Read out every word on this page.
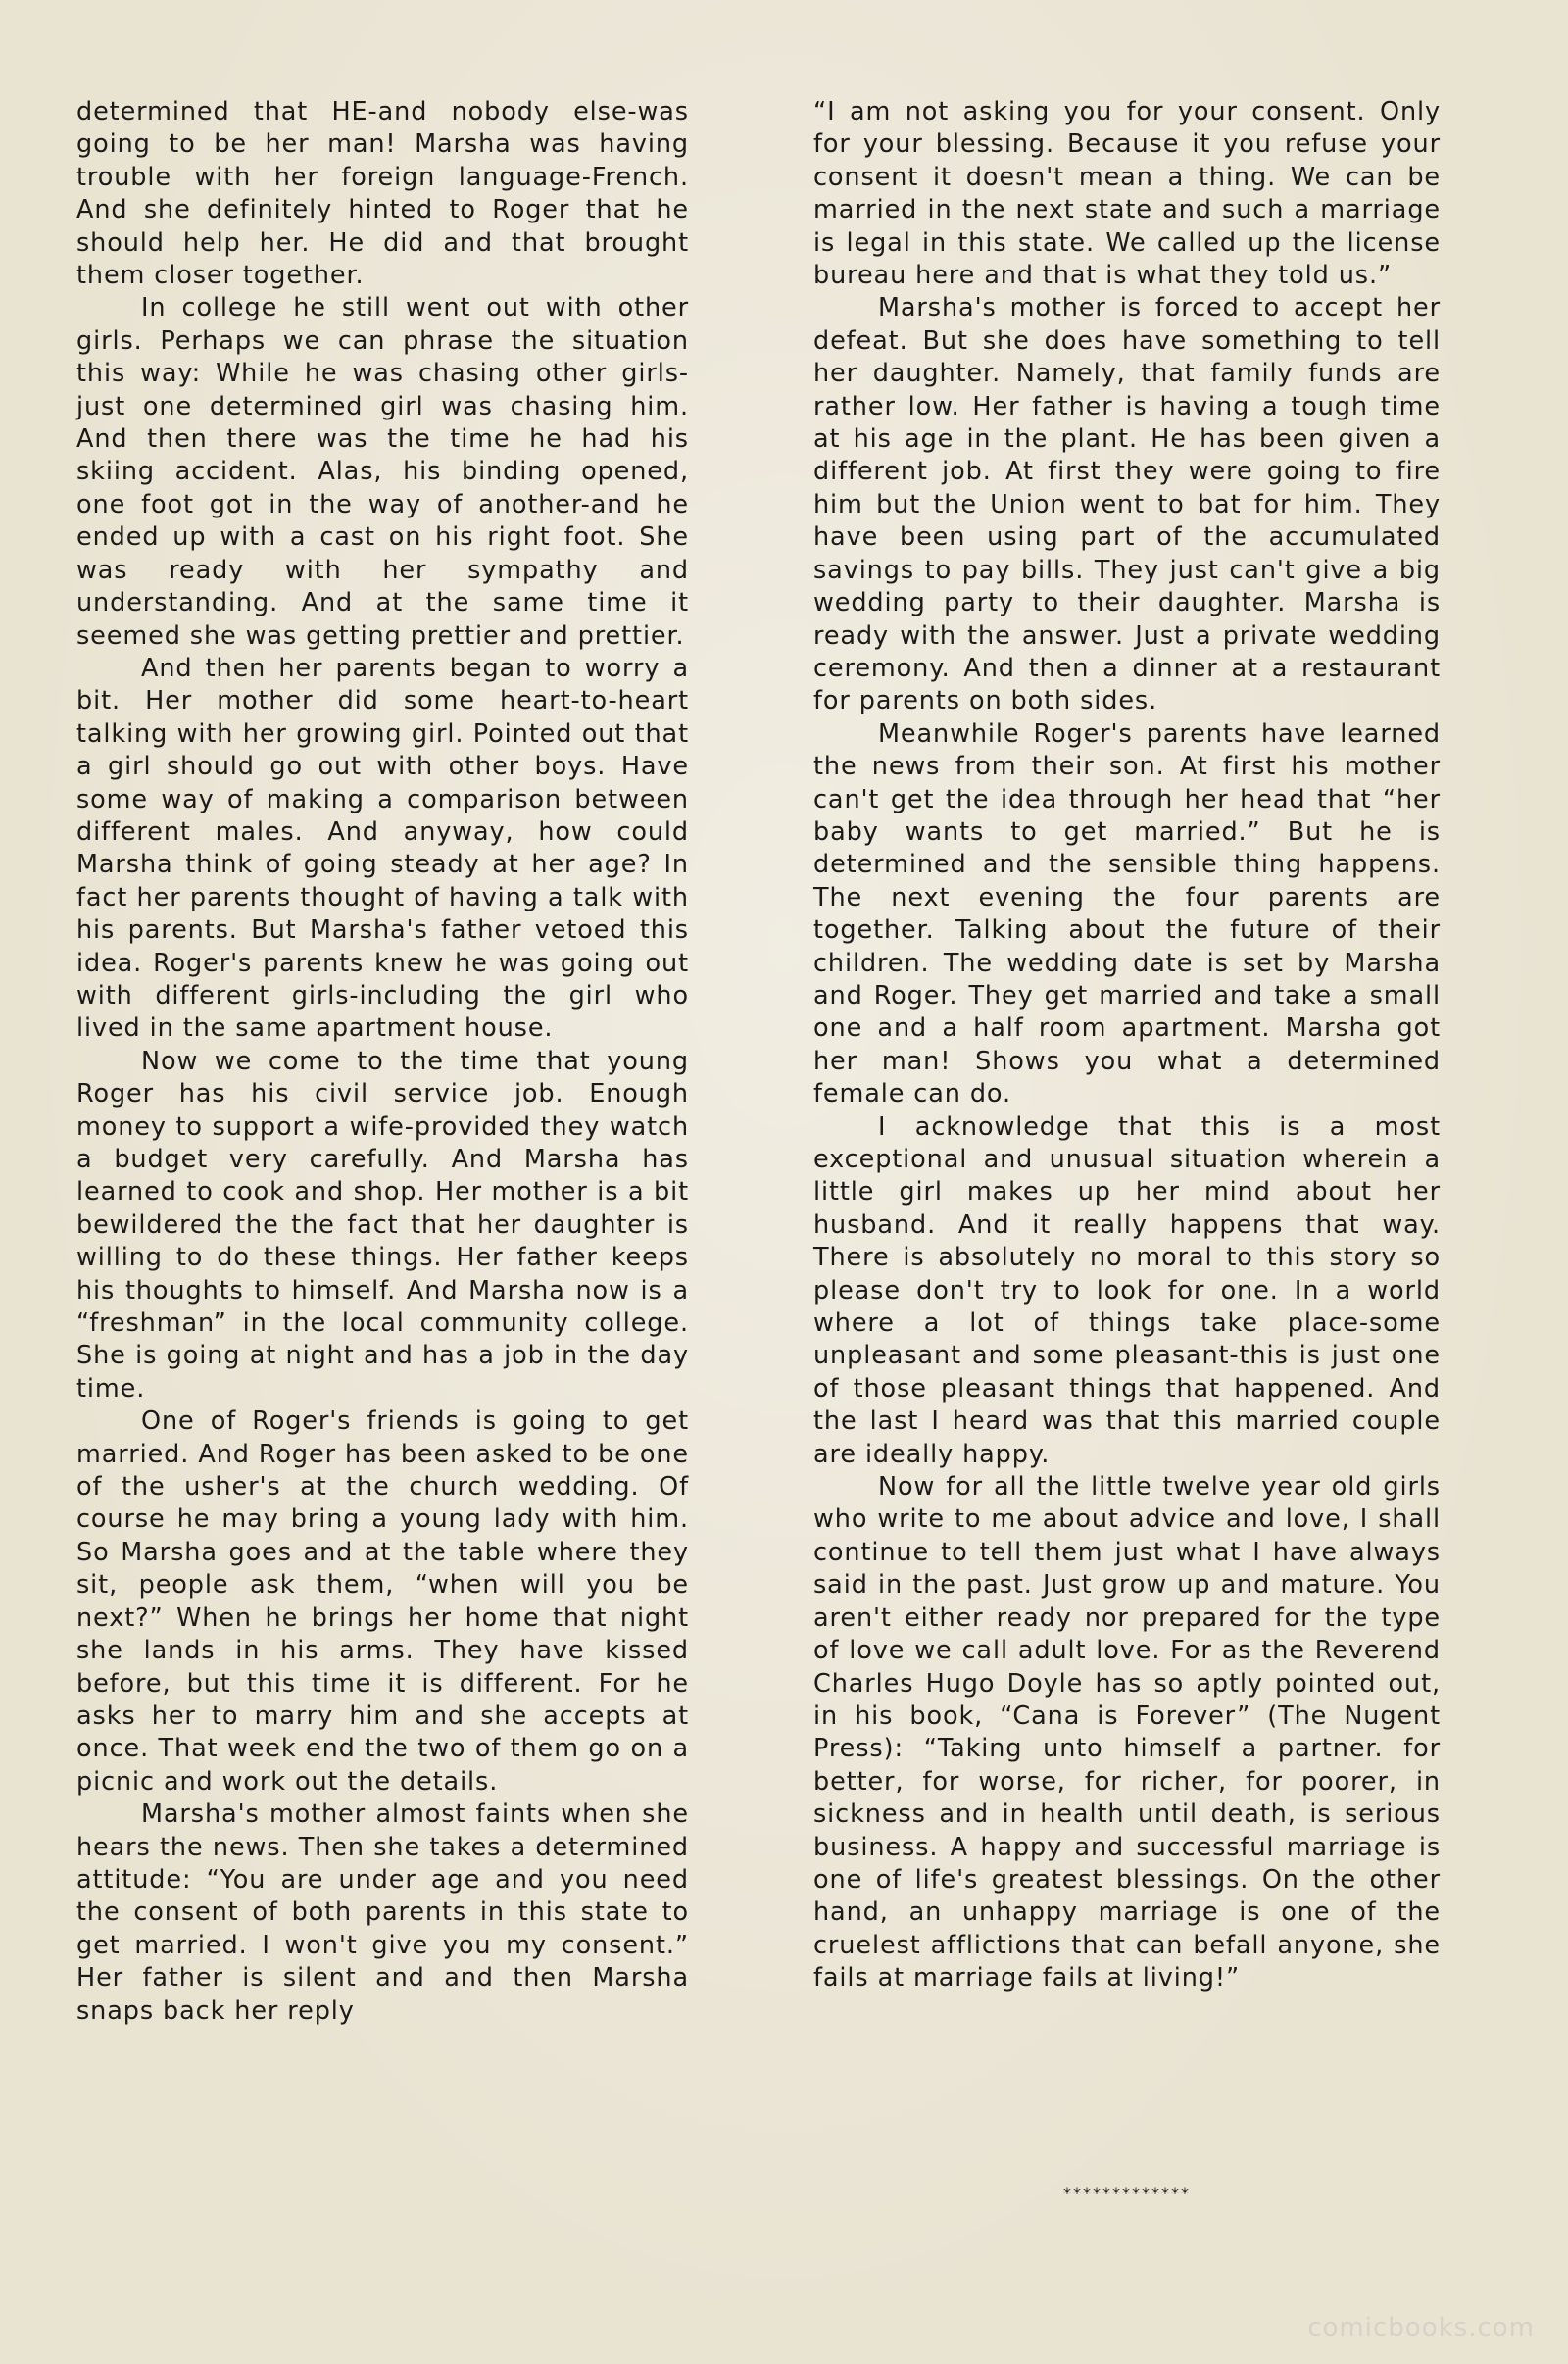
determined that HE-and nobody else-was going to be her man! Marsha was having trouble with her foreign language-French. And she definitely hinted to Roger that he should help her. He did and that brought them closer together.

In college he still went out with other girls. Perhaps we can phrase the situation this way: While he was chasing other girls-just one determined girl was chasing him. And then there was the time he had his skiing accident. Alas, his binding opened, one foot got in the way of another-and he ended up with a cast on his right foot. She was ready with her sympathy and understanding. And at the same time it seemed she was getting prettier and prettier.

And then her parents began to worry a bit. Her mother did some heart-to-heart talking with her growing girl. Pointed out that a girl should go out with other boys. Have some way of making a comparison between different males. And anyway, how could Marsha think of going steady at her age? In fact her parents thought of having a talk with his parents. But Marsha's father vetoed this idea. Roger's parents knew he was going out with different girls-including the girl who lived in the same apartment house.

Now we come to the time that young Roger has his civil service job. Enough money to support a wife-provided they watch a budget very carefully. And Marsha has learned to cook and shop. Her mother is a bit bewildered the the fact that her daughter is willing to do these things. Her father keeps his thoughts to himself. And Marsha now is a “freshman” in the local community college. She is going at night and has a job in the day time.

One of Roger's friends is going to get married. And Roger has been asked to be one of the usher's at the church wedding. Of course he may bring a young lady with him. So Marsha goes and at the table where they sit, people ask them, “when will you be next?” When he brings her home that night she lands in his arms. They have kissed before, but this time it is different. For he asks her to marry him and she accepts at once. That week end the two of them go on a picnic and work out the details.

Marsha's mother almost faints when she hears the news. Then she takes a determined attitude: “You are under age and you need the consent of both parents in this state to get married. I won't give you my consent.” Her father is silent and and then Marsha snaps back her reply

“I am not asking you for your consent. Only for your blessing. Because it you refuse your consent it doesn't mean a thing. We can be married in the next state and such a marriage is legal in this state. We called up the license bureau here and that is what they told us.”

Marsha's mother is forced to accept her defeat. But she does have something to tell her daughter. Namely, that family funds are rather low. Her father is having a tough time at his age in the plant. He has been given a different job. At first they were going to fire him but the Union went to bat for him. They have been using part of the accumulated savings to pay bills. They just can't give a big wedding party to their daughter. Marsha is ready with the answer. Just a private wedding ceremony. And then a dinner at a restaurant for parents on both sides.

Meanwhile Roger's parents have learned the news from their son. At first his mother can't get the idea through her head that “her baby wants to get married.” But he is determined and the sensible thing happens. The next evening the four parents are together. Talking about the future of their children. The wedding date is set by Marsha and Roger. They get married and take a small one and a half room apartment. Marsha got her man! Shows you what a determined female can do.

I acknowledge that this is a most exceptional and unusual situation wherein a little girl makes up her mind about her husband. And it really happens that way. There is absolutely no moral to this story so please don't try to look for one. In a world where a lot of things take place-some unpleasant and some pleasant-this is just one of those pleasant things that happened. And the last I heard was that this married couple are ideally happy.

Now for all the little twelve year old girls who write to me about advice and love, I shall continue to tell them just what I have always said in the past. Just grow up and mature. You aren't either ready nor prepared for the type of love we call adult love. For as the Reverend Charles Hugo Doyle has so aptly pointed out, in his book, “Cana is Forever” (The Nugent Press): “Taking unto himself a partner. for better, for worse, for richer, for poorer, in sickness and in health until death, is serious business. A happy and successful marriage is one of life's greatest blessings. On the other hand, an unhappy marriage is one of the cruelest afflictions that can befall anyone, she fails at marriage fails at living!”

*************
comicbooks.com
